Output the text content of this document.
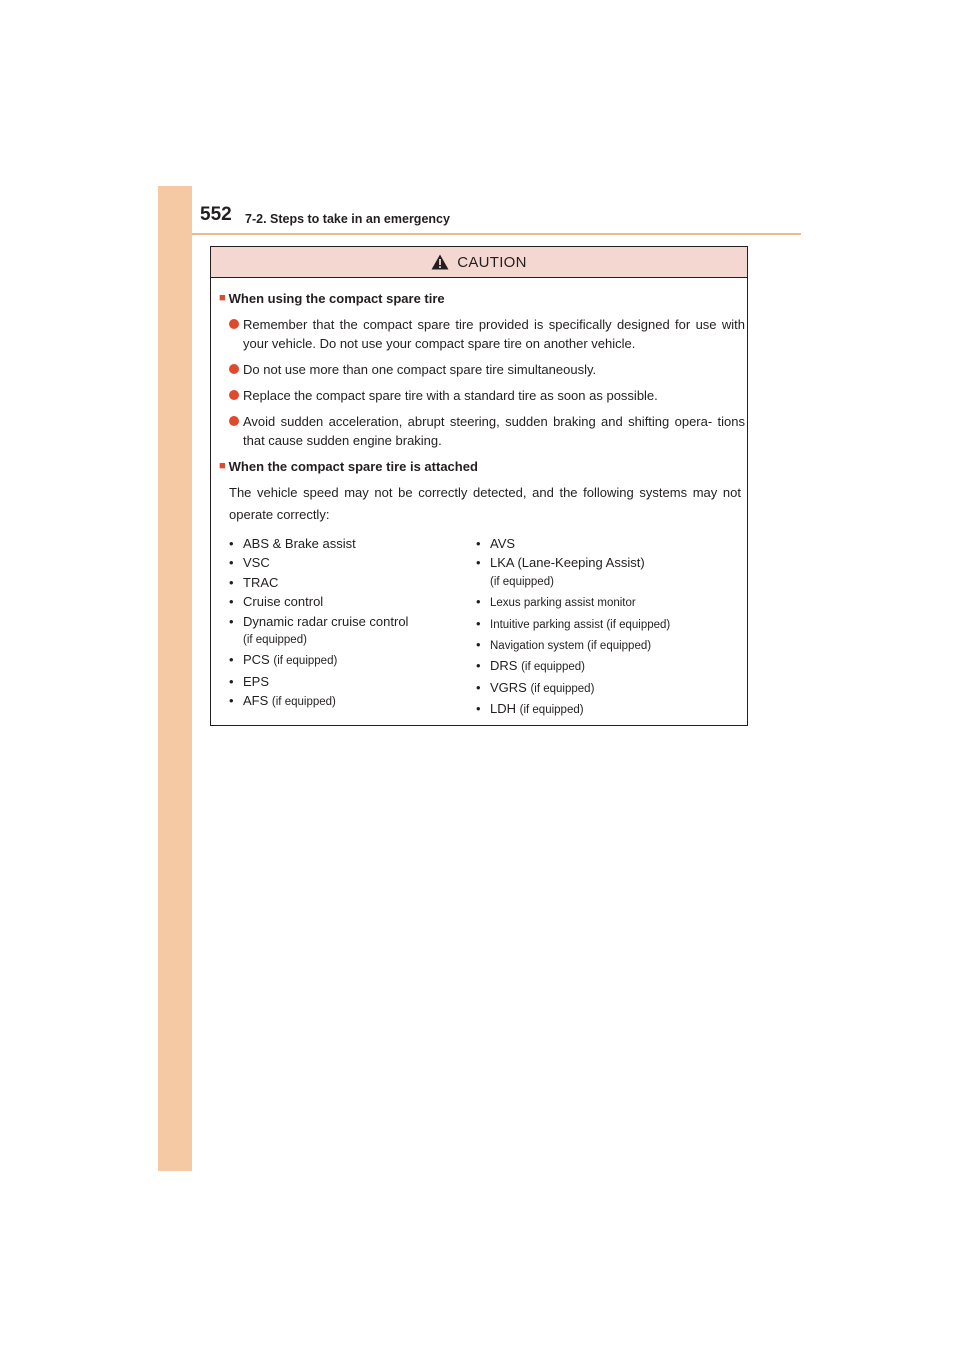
552 7-2. Steps to take in an emergency
CAUTION
■ When using the compact spare tire
Remember that the compact spare tire provided is specifically designed for use with your vehicle. Do not use your compact spare tire on another vehicle.
Do not use more than one compact spare tire simultaneously.
Replace the compact spare tire with a standard tire as soon as possible.
Avoid sudden acceleration, abrupt steering, sudden braking and shifting opera- tions that cause sudden engine braking.
■ When the compact spare tire is attached
The vehicle speed may not be correctly detected, and the following systems may not operate correctly:
• ABS & Brake assist
• VSC
• TRAC
• Cruise control
• Dynamic radar cruise control
(if equipped)
• PCS (if equipped)
• EPS
• AFS (if equipped)
• AVS
• LKA (Lane-Keeping Assist)
(if equipped)
• Lexus parking assist monitor
• Intuitive parking assist (if equipped)
• Navigation system (if equipped)
• DRS (if equipped)
• VGRS (if equipped)
• LDH (if equipped)
